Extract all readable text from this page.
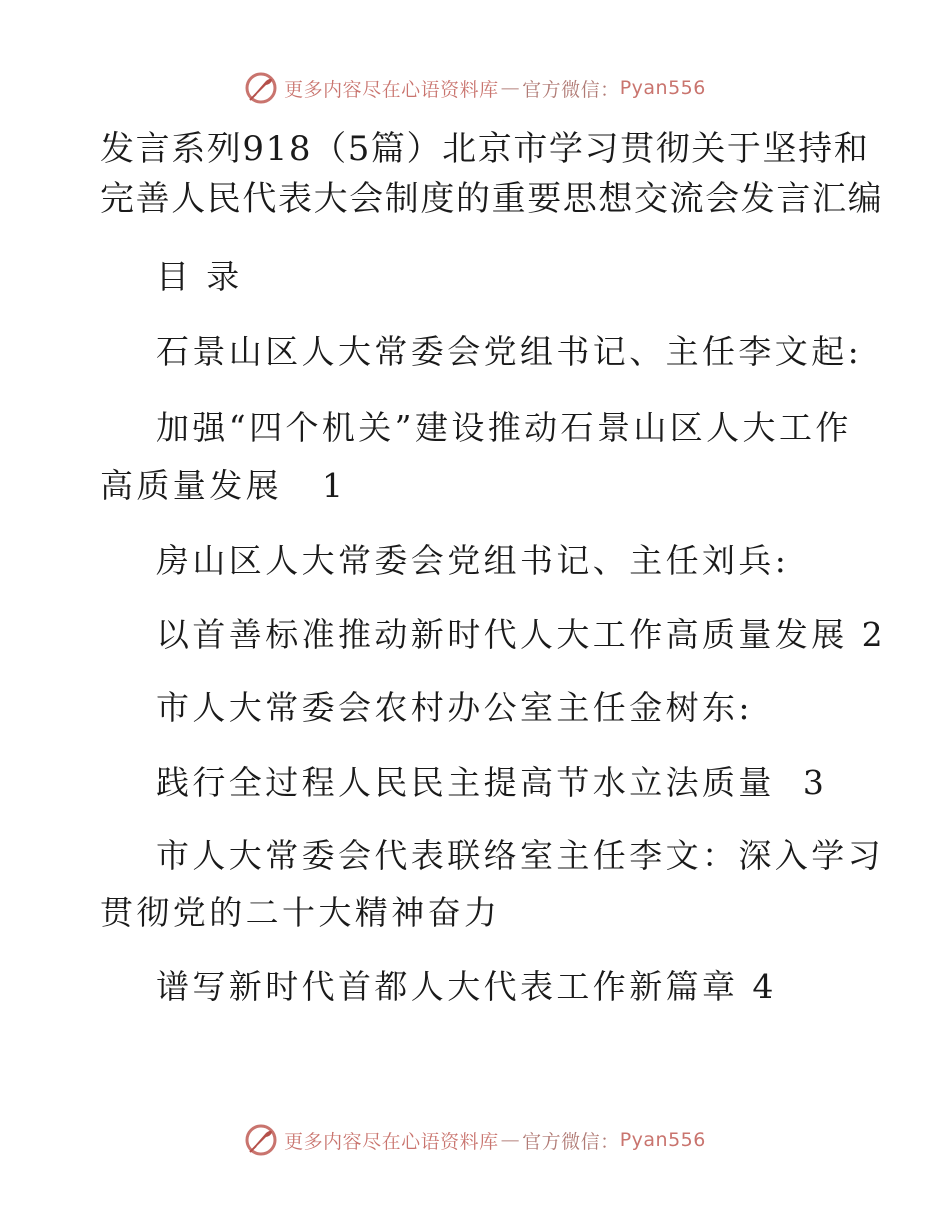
更多内容尽在心语资料库 — 官方微信： Pyan556
发言系列918（5篇）北京市学习贯彻关于坚持和
完善人民代表大会制度的重要思想交流会发言汇编
目 录
石景山区人大常委会党组书记、主任李文起:
加强“四个机关”建设推动石景山区人大工作
高质量发展 1
房山区人大常委会党组书记、主任刘兵:
以首善标准推动新时代人大工作高质量发展 2
市人大常委会农村办公室主任金树东:
践行全过程人民民主提高节水立法质量 3
市人大常委会代表联络室主任李文：深入学习
贯彻党的二十大精神奋力
谱写新时代首都人大代表工作新篇章 4
更多内容尽在心语资料库 — 官方微信： Pyan556
